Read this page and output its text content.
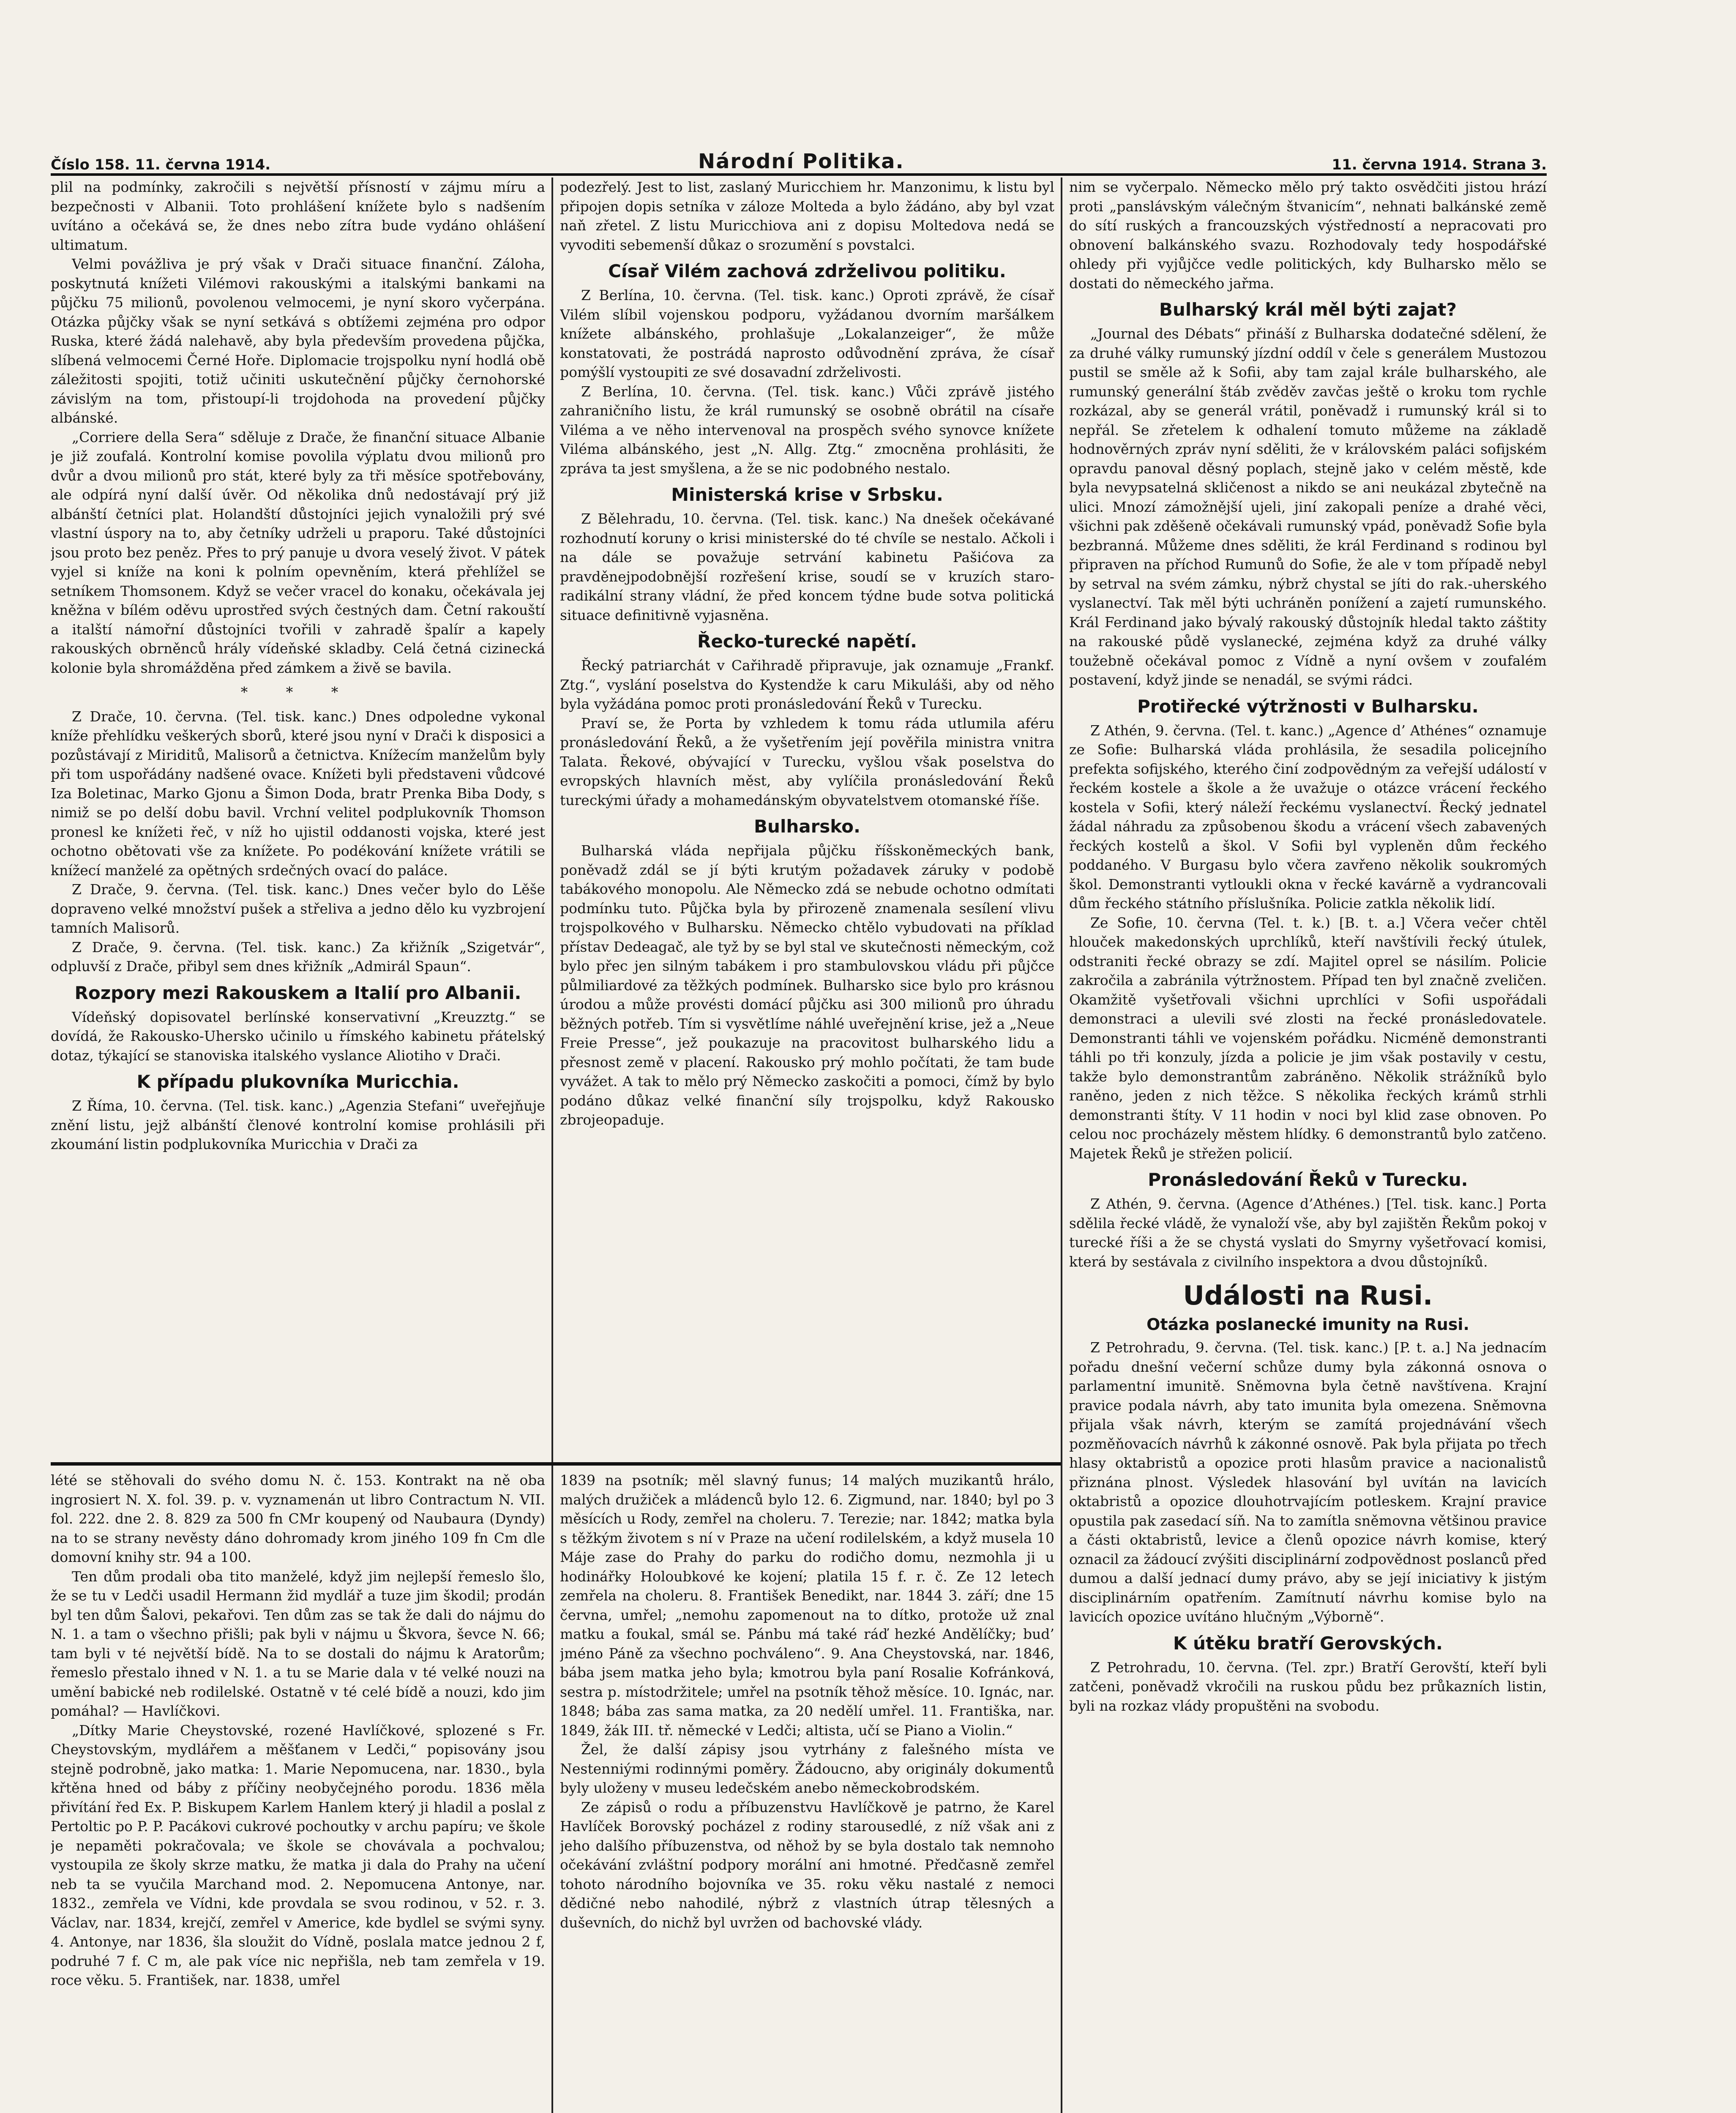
Číslo 158. 11. června 1914.	Národní Politika.	11. června 1914. Strana 3.

plil na podmínky, zakročili s největší přísností v zájmu míru a bezpečnosti v Albanii. Toto prohlášení knížete bylo s nadšením uvítáno a očekává se, že dnes nebo zítra bude vydáno ohlášení ultimatum.

Velmi povážliva je prý však v Drači situace finanční. Záloha, poskytnutá knížeti Vilémovi rakouskými a italskými bankami na půjčku 75 milionů, povolenou velmocemi, je nyní skoro vyčerpána. Otázka půjčky však se nyní setkává s obtížemi zejména pro odpor Ruska, které žádá nalehavě, aby byla především provedena půjčka, slíbená velmocemi Černé Hoře. Diplomacie trojspolku nyní hodlá obě záležitosti spojiti, totiž učiniti uskutečnění půjčky černohorské závislým na tom, přistoupí-li trojdohoda na provedení půjčky albánské.

„Corriere della Sera“ sděluje z Drače, že finanční situace Albanie je již zoufalá. Kontrolní komise povolila výplatu dvou milionů pro dvůr a dvou milionů pro stát, které byly za tři měsíce spotřebovány, ale odpírá nyní další úvěr. Od několika dnů nedostávají prý již albánští četníci plat. Holandští důstojníci jejich vynaložili prý své vlastní úspory na to, aby četníky udrželi u praporu. Také důstojníci jsou proto bez peněz. Přes to prý panuje u dvora veselý život. V pátek vyjel si kníže na koni k polním opevněním, která přehlížel se setníkem Thomsonem. Když se večer vracel do konaku, očekávala jej kněžna v bílém oděvu uprostřed svých čestných dam. Četní rakouští a italští námořní důstojníci tvořili v zahradě špalír a kapely rakouských obrněnců hrály vídeňské skladby. Celá četná cizinecká kolonie byla shromážděna před zámkem a živě se bavila.

* * *

Z Drače, 10. června. (Tel. tisk. kanc.) Dnes odpoledne vykonal kníže přehlídku veškerých sborů, které jsou nyní v Drači k disposici a pozůstávají z Miriditů, Malisorů a četnictva. Knížecím manželům byly při tom uspořádány nadšené ovace. Knížeti byli představeni vůdcové Iza Boletinac, Marko Gjonu a Šimon Doda, bratr Prenka Biba Dody, s nimiž se po delší dobu bavil. Vrchní velitel podplukovník Thomson pronesl ke knížeti řeč, v níž ho ujistil oddanosti vojska, které jest ochotno obětovati vše za knížete. Po podékování knížete vrátili se knížecí manželé za opětných srdečných ovací do paláce.

Z Drače, 9. června. (Tel. tisk. kanc.) Dnes večer bylo do Lěše dopraveno velké množství pušek a střeliva a jedno dělo ku vyzbrojení tamních Malisorů.

Z Drače, 9. června. (Tel. tisk. kanc.) Za křižník „Szigetvár“, odpluvší z Drače, přibyl sem dnes křižník „Admirál Spaun“.

Rozpory mezi Rakouskem a Italií pro Albanii.

Vídeňský dopisovatel berlínské konservativní „Kreuzztg.“ se dovídá, že Rakousko-Uhersko učinilo u římského kabinetu přátelský dotaz, týkající se stanoviska italského vyslance Aliotiho v Drači.

K případu plukovníka Muricchia.

Z Říma, 10. června. (Tel. tisk. kanc.) „Agenzia Stefani“ uveřejňuje znění listu, jejž albánští členové kontrolní komise prohlásili při zkoumání listin podplukovníka Muricchia v Drači za

podezřelý. Jest to list, zaslaný Muricchiem hr. Manzonimu, k listu byl připojen dopis setníka v záloze Molteda a bylo žádáno, aby byl vzat naň zřetel. Z listu Muricchiova ani z dopisu Moltedova nedá se vyvoditi sebemenší důkaz o srozumění s povstalci.

Císař Vilém zachová zdrželivou politiku.

Z Berlína, 10. června. (Tel. tisk. kanc.) Oproti zprávě, že císař Vilém slíbil vojenskou podporu, vyžádanou dvorním maršálkem knížete albánského, prohlašuje „Lokalanzeiger“, že může konstatovati, že postrádá naprosto odůvodnění zpráva, že císař pomýšlí vystoupiti ze své dosavadní zdrželivosti.

Z Berlína, 10. června. (Tel. tisk. kanc.) Vůči zprávě jistého zahraničního listu, že král rumunský se osobně obrátil na císaře Viléma a ve něho intervenoval na prospěch svého synovce knížete Viléma albánského, jest „N. Allg. Ztg.“ zmocněna prohlásiti, že zpráva ta jest smyšlena, a že se nic podobného nestalo.

Ministerská krise v Srbsku.

Z Bělehradu, 10. června. (Tel. tisk. kanc.) Na dnešek očekávané rozhodnutí koruny o krisi ministerské do té chvíle se nestalo. Ačkoli i na dále se považuje setrvání kabinetu Pašićova za pravděnejpodobnější rozřešení krise, soudí se v kruzích staro-radikální strany vládní, že před koncem týdne bude sotva politická situace definitivně vyjasněna.

Řecko-turecké napětí.

Řecký patriarchát v Cařihradě připravuje, jak oznamuje „Frankf. Ztg.“, vyslání poselstva do Kystendže k caru Mikuláši, aby od něho byla vyžádána pomoc proti pronásledování Řeků v Turecku.

Praví se, že Porta by vzhledem k tomu ráda utlumila aféru pronásledování Řeků, a že vyšetřením její pověřila ministra vnitra Talata. Řekové, obývající v Turecku, vyšlou však poselstva do evropských hlavních měst, aby vylíčila pronásledování Řeků tureckými úřady a mohamedánským obyvatelstvem otomanské říše.

Bulharsko.

Bulharská vláda nepřijala půjčku říšskoněmeckých bank, poněvadž zdál se jí býti krutým požadavek záruky v podobě tabákového monopolu. Ale Německo zdá se nebude ochotno odmítati podmínku tuto. Půjčka byla by přirozeně znamenala sesílení vlivu trojspolkového v Bulharsku. Německo chtělo vybudovati na příklad přístav Dedeagač, ale tyž by se byl stal ve skutečnosti německým, což bylo přec jen silným tabákem i pro stambulovskou vládu při půjčce půlmiliardové za těžkých podmínek. Bulharsko sice bylo pro krásnou úrodou a může provésti domácí půjčku asi 300 milionů pro úhradu běžných potřeb. Tím si vysvětlíme náhlé uveřejnění krise, jež a „Neue Freie Presse“, jež poukazuje na pracovitost bulharského lidu a přesnost země v placení. Rakousko prý mohlo počítati, že tam bude vyvážet. A tak to mělo prý Německo zaskočiti a pomoci, čímž by bylo podáno důkaz velké finanční síly trojspolku, když Rakousko zbrojeopaduje.

nim se vyčerpalo. Německo mělo prý takto osvědčiti jistou hrází proti „panslávským válečným štvanicím“, nehnati balkánské země do sítí ruských a francouzských výstředností a nepracovati pro obnovení balkánského svazu. Rozhodovaly tedy hospodářské ohledy při vyjůjčce vedle politických, kdy Bulharsko mělo se dostati do německého jařma.

Bulharský král měl býti zajat?

„Journal des Débats“ přináší z Bulharska dodatečné sdělení, že za druhé války rumunský jízdní oddíl v čele s generálem Mustozou pustil se směle až k Sofii, aby tam zajal krále bulharského, ale rumunský generální štáb zvěděv zavčas ještě o kroku tom rychle rozkázal, aby se generál vrátil, poněvadž i rumunský král si to nepřál. Se zřetelem k odhalení tomuto můžeme na základě hodnověrných zpráv nyní sděliti, že v královském paláci sofijském opravdu panoval děsný poplach, stejně jako v celém městě, kde byla nevypsatelná skličenost a nikdo se ani neukázal zbytečně na ulici. Mnozí zámožnější ujeli, jiní zakopali peníze a drahé věci, všichni pak zděšeně očekávali rumunský vpád, poněvadž Sofie byla bezbranná. Můžeme dnes sděliti, že král Ferdinand s rodinou byl připraven na příchod Rumunů do Sofie, že ale v tom případě nebyl by setrval na svém zámku, nýbrž chystal se jíti do rak.-uherského vyslanectví. Tak měl býti uchráněn ponížení a zajetí rumunského. Král Ferdinand jako bývalý rakouský důstojník hledal takto záštity na rakouské půdě vyslanecké, zejména když za druhé války toužebně očekával pomoc z Vídně a nyní ovšem v zoufalém postavení, když jinde se nenadál, se svými rádci.

Protiřecké výtržnosti v Bulharsku.

Z Athén, 9. června. (Tel. t. kanc.) „Agence d’ Athénes“ oznamuje ze Sofie: Bulharská vláda prohlásila, že sesadila policejního prefekta sofijského, kterého činí zodpovědným za veřejší událostí v řeckém kostele a škole a že uvažuje o otázce vrácení řeckého kostela v Sofii, který náleží řeckému vyslanectví. Řecký jednatel žádal náhradu za způsobenou škodu a vrácení všech zabavených řeckých kostelů a škol. V Sofii byl vypleněn dům řeckého poddaného. V Burgasu bylo včera zavřeno několik soukromých škol. Demonstranti vytloukli okna v řecké kavárně a vydrancovali dům řeckého státního příslušníka. Policie zatkla několik lidí.

Ze Sofie, 10. června (Tel. t. k.) [B. t. a.] Včera večer chtěl hlouček makedonských uprchlíků, kteří navštívili řecký útulek, odstraniti řecké obrazy se zdí. Majitel oprel se násilím. Policie zakročila a zabránila výtržnostem. Případ ten byl značně zveličen. Okamžitě vyšetřovali všichni uprchlíci v Sofii uspořádali demonstraci a ulevili své zlosti na řecké pronásledovatele. Demonstranti táhli ve vojenském pořádku. Nicméně demonstranti táhli po tři konzuly, jízda a policie je jim však postavily v cestu, takže bylo demonstrantům zabráněno. Několik strážníků bylo raněno, jeden z nich těžce. S několika řeckých krámů strhli demonstranti štíty. V 11 hodin v noci byl klid zase obnoven. Po celou noc procházely městem hlídky. 6 demonstrantů bylo zatčeno. Majetek Řeků je střežen policií.

Pronásledování Řeků v Turecku.

Z Athén, 9. června. (Agence d’Athénes.) [Tel. tisk. kanc.] Porta sdělila řecké vládě, že vynaloží vše, aby byl zajištěn Řekům pokoj v turecké říši a že se chystá vyslati do Smyrny vyšetřovací komisi, která by sestávala z civilního inspektora a dvou důstojníků.

Události na Rusi.
Otázka poslanecké imunity na Rusi.

Z Petrohradu, 9. června. (Tel. tisk. kanc.) [P. t. a.] Na jednacím pořadu dnešní večerní schůze dumy byla zákonná osnova o parlamentní imunitě. Sněmovna byla četně navštívena. Krajní pravice podala návrh, aby tato imunita byla omezena. Sněmovna přijala však návrh, kterým se zamítá projednávání všech pozměňovacích návrhů k zákonné osnově. Pak byla přijata po třech hlasy oktabristů a opozice proti hlasům pravice a nacionalistů přiznána plnost. Výsledek hlasování byl uvítán na lavicích oktabristů a opozice dlouhotrvajícím potleskem. Krajní pravice opustila pak zasedací síň. Na to zamítla sněmovna většinou pravice a části oktabristů, levice a členů opozice návrh komise, který oznacil za žádoucí zvýšiti disciplinární zodpovědnost poslanců před dumou a další jednací dumy právo, aby se její iniciativy k jistým disciplinárním opatřením. Zamítnutí návrhu komise bylo na lavicích opozice uvítáno hlučným „Výborně“.

K útěku bratří Gerovských.

Z Petrohradu, 10. června. (Tel. zpr.) Bratří Gerovští, kteří byli zatčeni, poněvadž vkročili na ruskou půdu bez průkazních listin, byli na rozkaz vlády propuštěni na svobodu.

lété se stěhovali do svého domu N. č. 153. Kontrakt na ně oba ingrosiert N. X. fol. 39. p. v. vyznamenán ut libro Contractum N. VII. fol. 222. dne 2. 8. 829 za 500 fn CMr koupený od Naubaura (Dyndy) na to se strany nevěsty dáno dohromady krom jiného 109 fn Cm dle domovní knihy str. 94 a 100.

Ten dům prodali oba tito manželé, když jim nejlepší řemeslo šlo, že se tu v Ledči usadil Hermann žid mydlář a tuze jim škodil; prodán byl ten dům Šalovi, pekařovi. Ten dům zas se tak že dali do nájmu do N. 1. a tam o všechno přišli; pak byli v nájmu u Škvora, ševce N. 66; tam byli v té největší bídě. Na to se dostali do nájmu k Aratorům; řemeslo přestalo ihned v N. 1. a tu se Marie dala v té velké nouzi na umění babické neb rodilelské. Ostatně v té celé bídě a nouzi, kdo jim pomáhal? — Havlíčkovi.

„Dítky Marie Cheystovské, rozené Havlíčkové, splozené s Fr. Cheystovským, mydlářem a měšťanem v Ledči,“ popisovány jsou stejně podrobně, jako matka: 1. Marie Nepomucena, nar. 1830., byla křtěna hned od báby z příčiny neobyčejného porodu. 1836 měla přivítání řed Ex. P. Biskupem Karlem Hanlem který ji hladil a poslal z Pertoltic po P. P. Pacákovi cukrové pochoutky v archu papíru; ve škole je nepaměti pokračovala; ve škole se chovávala a pochvalou; vystoupila ze školy skrze matku, že matka ji dala do Prahy na učení neb ta se vyučila Marchand mod. 2. Nepomucena Antonye, nar. 1832., zemřela ve Vídni, kde provdala se svou rodinou, v 52. r. 3. Václav, nar. 1834, krejčí, zemřel v Americe, kde bydlel se svými syny. 4. Antonye, nar 1836, šla sloužit do Vídně, poslala matce jednou 2 f, podruhé 7 f. C m, ale pak více nic nepřišla, neb tam zemřela v 19. roce věku. 5. František, nar. 1838, umřel

1839 na psotník; měl slavný funus; 14 malých muzikantů hrálo, malých družiček a mládenců bylo 12. 6. Zigmund, nar. 1840; byl po 3 měsících u Rody, zemřel na choleru. 7. Terezie; nar. 1842; matka byla s těžkým životem s ní v Praze na učení rodilelském, a když musela 10 Máje zase do Prahy do parku do rodičho domu, nezmohla ji u hodinářky Holoubkové ke kojení; platila 15 f. r. č. Ze 12 letech zemřela na choleru. 8. František Benedikt, nar. 1844 3. září; dne 15 června, umřel; „nemohu zapomenout na to dítko, protože už znal matku a foukal, smál se. Pánbu má také ráď hezké Andělíčky; bud’ jméno Páně za všechno pochváleno“. 9. Ana Cheystovská, nar. 1846, bába jsem matka jeho byla; kmotrou byla paní Rosalie Kofránková, sestra p. místodržitele; umřel na psotník těhož měsíce. 10. Ignác, nar. 1848; bába zas sama matka, za 20 nedělí umřel. 11. Františka, nar. 1849, žák III. tř. německé v Ledči; altista, učí se Piano a Violin.“

Žel, že další zápisy jsou vytrhány z falešného místa ve Nestenniými rodinnými poměry. Žádoucno, aby originály dokumentů byly uloženy v museu ledečském anebo německobrodském.

Ze zápisů o rodu a příbuzenstvu Havlíčkově je patrno, že Karel Havlíček Borovský pocházel z rodiny starousedlé, z níž však ani z jeho dalšího příbuzenstva, od něhož by se byla dostalo tak nemnoho očekávání zvláštní podpory morální ani hmotné. Předčasně zemřel tohoto národního bojovníka ve 35. roku věku nastalé z nemoci dědičné nebo nahodilé, nýbrž z vlastních útrap tělesných a duševních, do nichž byl uvržen od bachovské vlády.
